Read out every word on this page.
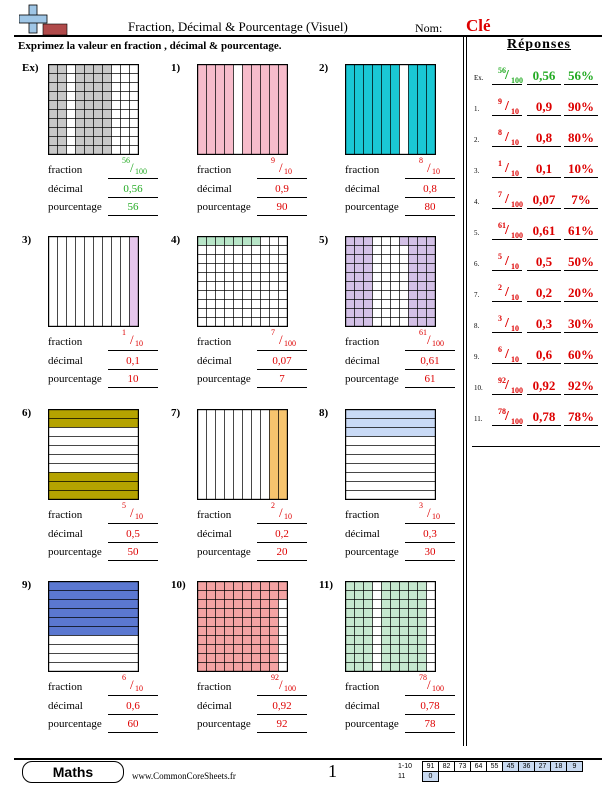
Fraction, Décimal & Pourcentage (Visuel)	Nom: Clé
Exprimez la valeur en fraction , décimal & pourcentage.
Ex)
fraction
56 / 100
décimal	0,56
pourcentage	56
1)
fraction
9 / 10
décimal	0,9
pourcentage	90
2)
fraction
8 / 10
décimal	0,8
pourcentage	80
3)
fraction
1 / 10
décimal	0,1
pourcentage	10
4)
fraction
7 / 100
décimal	0,07
pourcentage	7
5)
fraction
61 / 100
décimal	0,61
pourcentage	61
6)
fraction
5 / 10
décimal	0,5
pourcentage	50
7)
fraction
2 / 10
décimal	0,2
pourcentage	20
8)
fraction
3 / 10
décimal	0,3
pourcentage	30
9)
fraction
6 / 10
décimal	0,6
pourcentage	60
10)
fraction
92 / 100
décimal	0,92
pourcentage	92
11)
fraction
78 / 100
décimal	0,78
pourcentage	78
Réponses
Ex.
56 / 100 0,56 56%
1.
9 / 10	0,9	90%
2.
8 / 10	0,8	80%
3.
1 / 10	0,1	10%
4.
7 / 100 0,07	7%
5.
61 / 100 0,61 61%
6.
5 / 10	0,5	50%
7.
2 / 10	0,2	20%
8.
3 / 10	0,3	30%
9.
6 / 10	0,6	60%
10.
92 / 100 0,92 92%
11.
78 / 100 0,78 78%
Maths	www.CommonCoreSheets.fr	1	1-10	91	82	73	64	55	45	36	27	18	9
11	0									
